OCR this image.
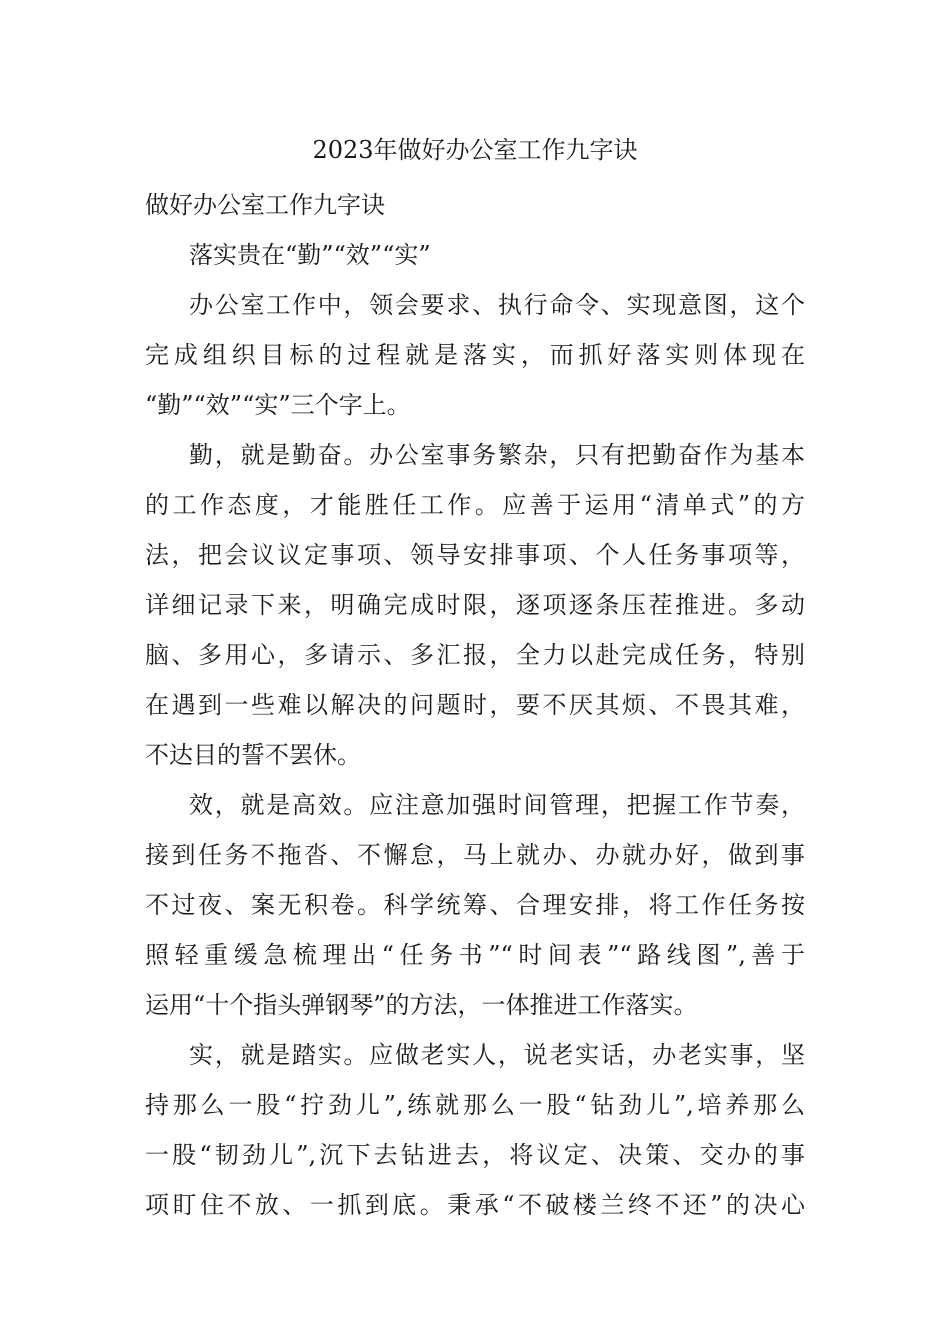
2023年做好办公室工作九字诀

做好办公室工作九字诀

落实贵在“勤”“效”“实”

办公室工作中，领会要求、执行命令、实现意图，这个

完成组织目标的过程就是落实，而抓好落实则体现在

“勤”“效”“实”三个字上。

勤，就是勤奋。办公室事务繁杂，只有把勤奋作为基本

的工作态度，才能胜任工作。应善于运用“清单式”的方

法，把会议议定事项、领导安排事项、个人任务事项等，

详细记录下来，明确完成时限，逐项逐条压茬推进。多动

脑、多用心，多请示、多汇报，全力以赴完成任务，特别

在遇到一些难以解决的问题时，要不厌其烦、不畏其难，

不达目的誓不罢休。

效，就是高效。应注意加强时间管理，把握工作节奏，

接到任务不拖沓、不懈怠，马上就办、办就办好，做到事

不过夜、案无积卷。科学统筹、合理安排，将工作任务按

照轻重缓急梳理出“任务书”“时间表”“路线图”,善于

运用“十个指头弹钢琴”的方法，一体推进工作落实。

实，就是踏实。应做老实人，说老实话，办老实事，坚

持那么一股“拧劲儿”,练就那么一股“钻劲儿”,培养那么

一股“韧劲儿”,沉下去钻进去，将议定、决策、交办的事

项盯住不放、一抓到底。秉承“不破楼兰终不还”的决心
